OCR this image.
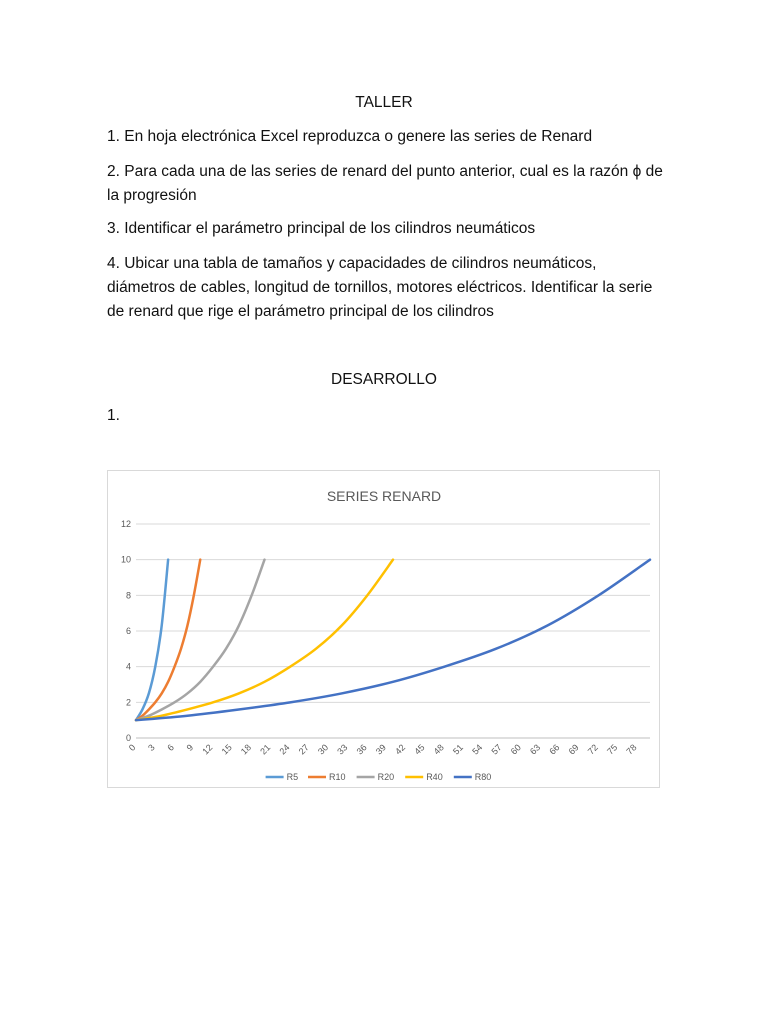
TALLER
1. En hoja electrónica Excel reproduzca o genere las series de Renard
2. Para cada una de las series de renard del punto anterior, cual es la razón ϕ de la progresión
3. Identificar el parámetro principal de los cilindros neumáticos
4. Ubicar una tabla de tamaños y capacidades de cilindros neumáticos, diámetros de cables, longitud de tornillos, motores eléctricos. Identificar la serie de renard que rige el parámetro principal de los cilindros
DESARROLLO
1.
SERIES RENARD
0
2
4
6
8
10
12
0 3 6 9 12 15 18 21 24 27 30 33 36 39 42 45 48 51 54 57 60 63 66 69 72 75 78
R5	R10	R20	R40	R80
